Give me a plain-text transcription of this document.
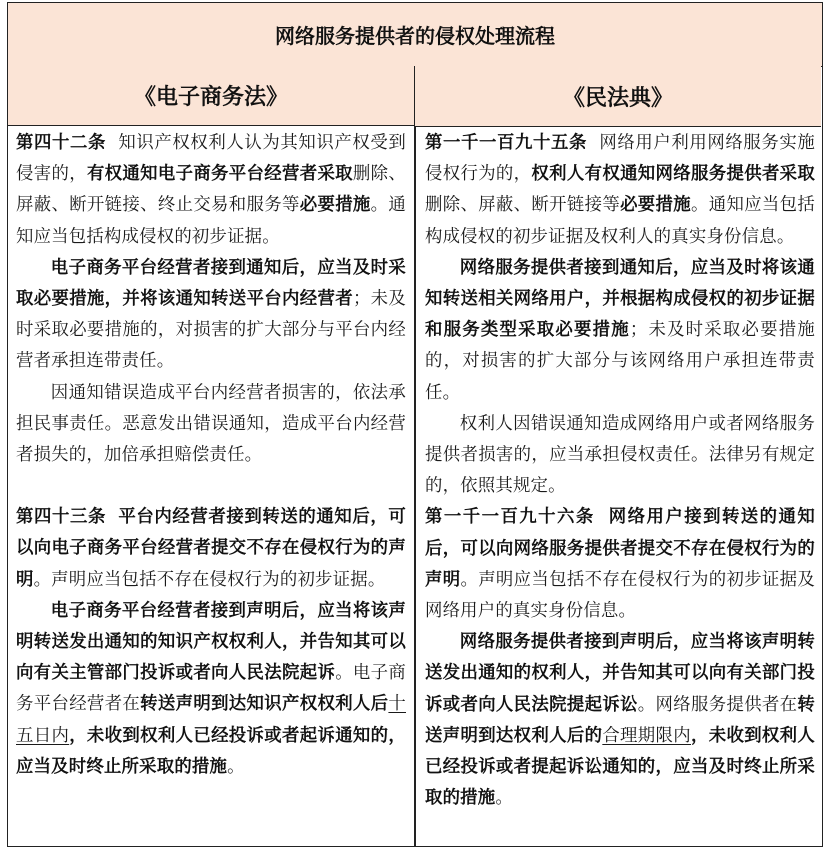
网络服务提供者的侵权处理流程
《电子商务法》	《民法典》

第四十二条 知识产权权利人认为其知识产权受到侵害的，有权通知电子商务平台经营者采取删除、屏蔽、断开链接、终止交易和服务等必要措施。通知应当包括构成侵权的初步证据。

电子商务平台经营者接到通知后，应当及时采取必要措施，并将该通知转送平台内经营者；未及时采取必要措施的，对损害的扩大部分与平台内经营者承担连带责任。

因通知错误造成平台内经营者损害的，依法承担民事责任。恶意发出错误通知，造成平台内经营者损失的，加倍承担赔偿责任。

第四十三条 平台内经营者接到转送的通知后，可以向电子商务平台经营者提交不存在侵权行为的声明。声明应当包括不存在侵权行为的初步证据。

电子商务平台经营者接到声明后，应当将该声明转送发出通知的知识产权权利人，并告知其可以向有关主管部门投诉或者向人民法院起诉。电子商务平台经营者在转送声明到达知识产权权利人后十五日内，未收到权利人已经投诉或者起诉通知的，应当及时终止所采取的措施。

第一千一百九十五条 网络用户利用网络服务实施侵权行为的，权利人有权通知网络服务提供者采取删除、屏蔽、断开链接等必要措施。通知应当包括构成侵权的初步证据及权利人的真实身份信息。

网络服务提供者接到通知后，应当及时将该通知转送相关网络用户，并根据构成侵权的初步证据和服务类型采取必要措施；未及时采取必要措施的，对损害的扩大部分与该网络用户承担连带责任。

权利人因错误通知造成网络用户或者网络服务提供者损害的，应当承担侵权责任。法律另有规定的，依照其规定。

第一千一百九十六条 网络用户接到转送的通知后，可以向网络服务提供者提交不存在侵权行为的声明。声明应当包括不存在侵权行为的初步证据及网络用户的真实身份信息。

网络服务提供者接到声明后，应当将该声明转送发出通知的权利人，并告知其可以向有关部门投诉或者向人民法院提起诉讼。网络服务提供者在转送声明到达权利人后的合理期限内，未收到权利人已经投诉或者提起诉讼通知的，应当及时终止所采取的措施。
